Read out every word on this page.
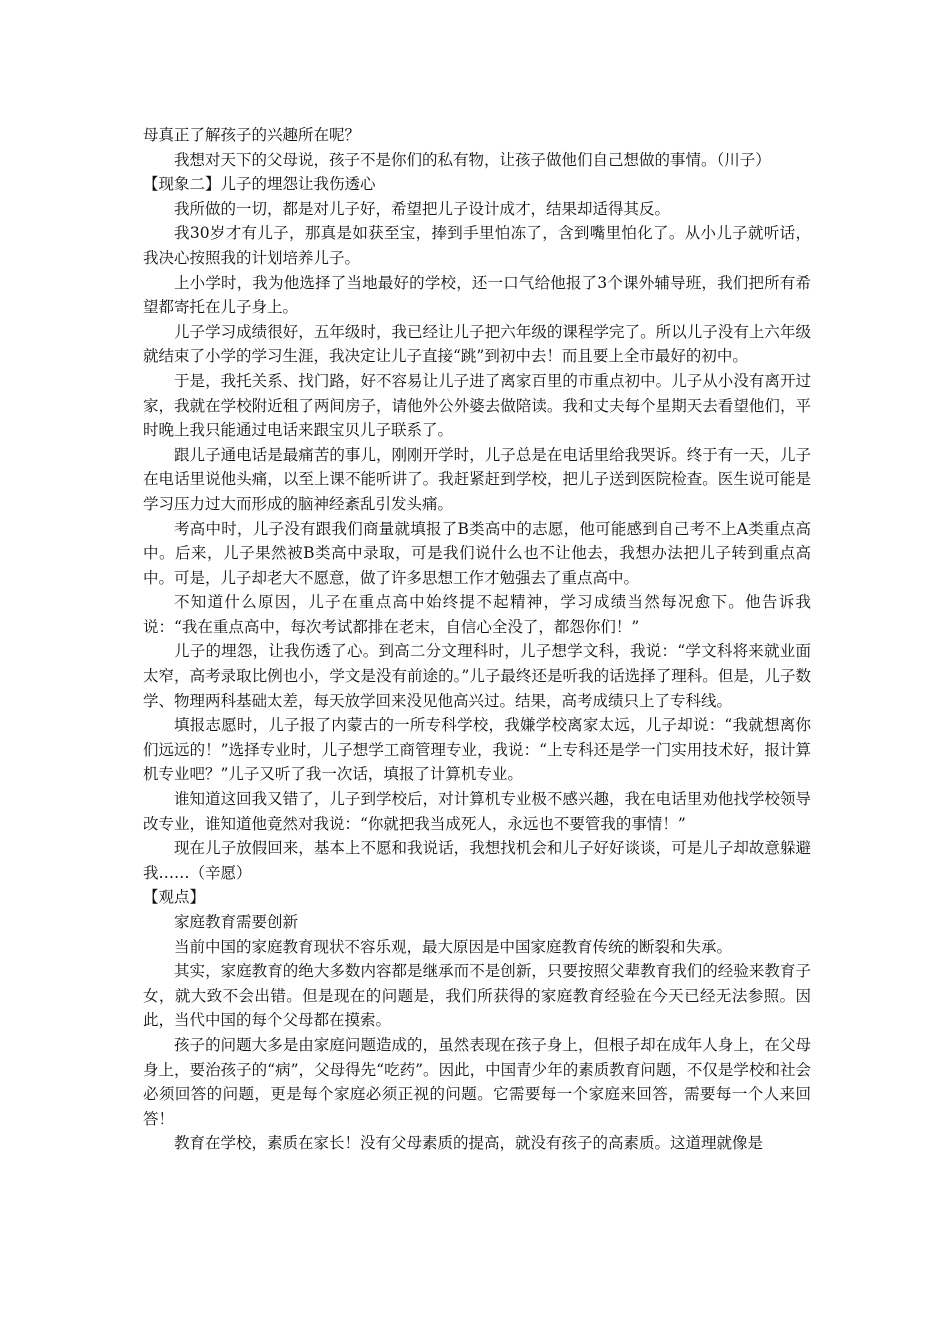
母真正了解孩子的兴趣所在呢？

我想对天下的父母说，孩子不是你们的私有物，让孩子做他们自己想做的事情。（川子）

【现象二】儿子的埋怨让我伤透心

我所做的一切，都是对儿子好，希望把儿子设计成才，结果却适得其反。

我30岁才有儿子，那真是如获至宝，捧到手里怕冻了，含到嘴里怕化了。从小儿子就听话，我决心按照我的计划培养儿子。

上小学时，我为他选择了当地最好的学校，还一口气给他报了3个课外辅导班，我们把所有希望都寄托在儿子身上。

儿子学习成绩很好，五年级时，我已经让儿子把六年级的课程学完了。所以儿子没有上六年级就结束了小学的学习生涯，我决定让儿子直接“跳”到初中去！而且要上全市最好的初中。

于是，我托关系、找门路，好不容易让儿子进了离家百里的市重点初中。儿子从小没有离开过家，我就在学校附近租了两间房子，请他外公外婆去做陪读。我和丈夫每个星期天去看望他们，平时晚上我只能通过电话来跟宝贝儿子联系了。

跟儿子通电话是最痛苦的事儿，刚刚开学时，儿子总是在电话里给我哭诉。终于有一天，儿子在电话里说他头痛，以至上课不能听讲了。我赶紧赶到学校，把儿子送到医院检查。医生说可能是学习压力过大而形成的脑神经紊乱引发头痛。

考高中时，儿子没有跟我们商量就填报了B类高中的志愿，他可能感到自己考不上A类重点高中。后来，儿子果然被B类高中录取，可是我们说什么也不让他去，我想办法把儿子转到重点高中。可是，儿子却老大不愿意，做了许多思想工作才勉强去了重点高中。

不知道什么原因，儿子在重点高中始终提不起精神，学习成绩当然每况愈下。他告诉我说：“我在重点高中，每次考试都排在老末，自信心全没了，都怨你们！”

儿子的埋怨，让我伤透了心。到高二分文理科时，儿子想学文科，我说：“学文科将来就业面太窄，高考录取比例也小，学文是没有前途的。”儿子最终还是听我的话选择了理科。但是，儿子数学、物理两科基础太差，每天放学回来没见他高兴过。结果，高考成绩只上了专科线。

填报志愿时，儿子报了内蒙古的一所专科学校，我嫌学校离家太远，儿子却说：“我就想离你们远远的！”选择专业时，儿子想学工商管理专业，我说：“上专科还是学一门实用技术好，报计算机专业吧？”儿子又听了我一次话，填报了计算机专业。

谁知道这回我又错了，儿子到学校后，对计算机专业极不感兴趣，我在电话里劝他找学校领导改专业，谁知道他竟然对我说：“你就把我当成死人，永远也不要管我的事情！”

现在儿子放假回来，基本上不愿和我说话，我想找机会和儿子好好谈谈，可是儿子却故意躲避我……（辛愿）

【观点】

家庭教育需要创新

当前中国的家庭教育现状不容乐观，最大原因是中国家庭教育传统的断裂和失承。

其实，家庭教育的绝大多数内容都是继承而不是创新，只要按照父辈教育我们的经验来教育子女，就大致不会出错。但是现在的问题是，我们所获得的家庭教育经验在今天已经无法参照。因此，当代中国的每个父母都在摸索。

孩子的问题大多是由家庭问题造成的，虽然表现在孩子身上，但根子却在成年人身上，在父母身上，要治孩子的“病”，父母得先“吃药”。因此，中国青少年的素质教育问题，不仅是学校和社会必须回答的问题，更是每个家庭必须正视的问题。它需要每一个家庭来回答，需要每一个人来回答！

教育在学校，素质在家长！没有父母素质的提高，就没有孩子的高素质。这道理就像是
